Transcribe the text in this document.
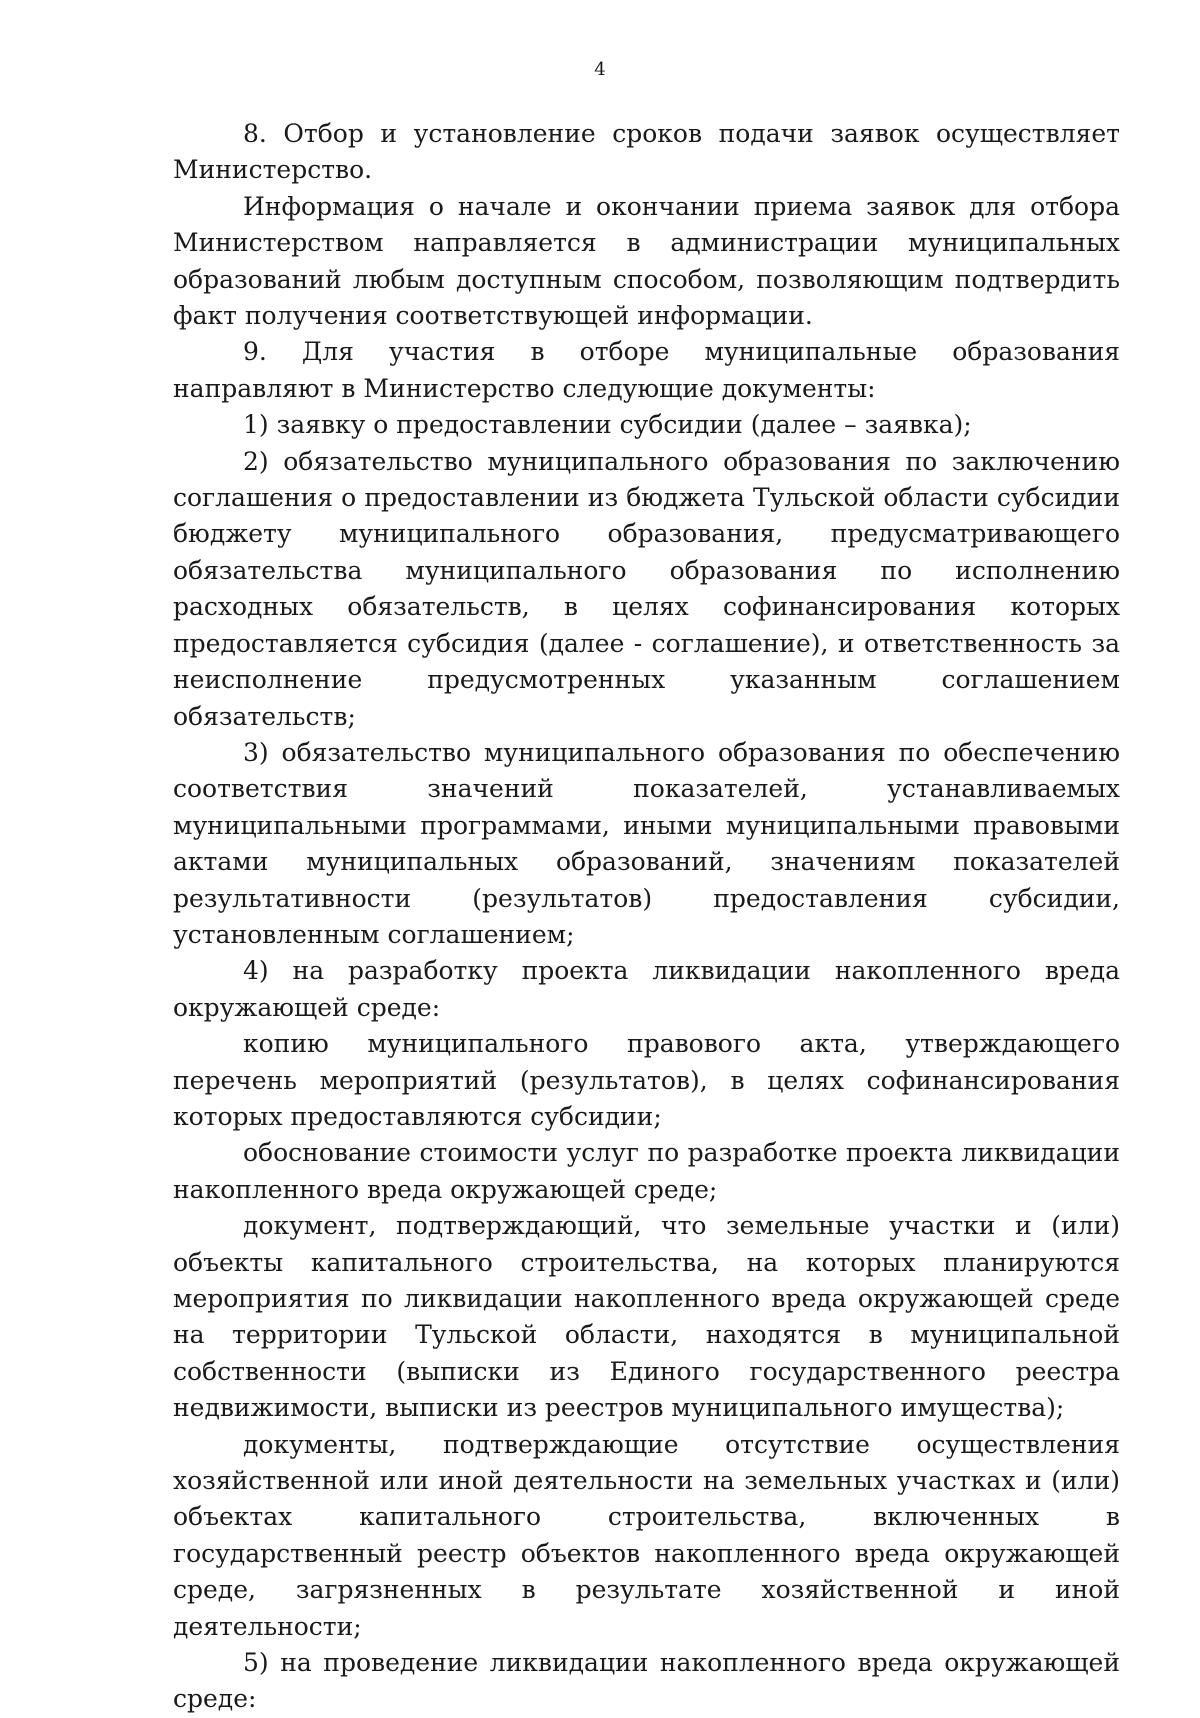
4

8. Отбор и установление сроков подачи заявок осуществляет Министерство.

Информация о начале и окончании приема заявок для отбора Министерством направляется в администрации муниципальных образований любым доступным способом, позволяющим подтвердить факт получения соответствующей информации.

9. Для участия в отборе муниципальные образования направляют в Министерство следующие документы:

1) заявку о предоставлении субсидии (далее – заявка);

2) обязательство муниципального образования по заключению соглашения о предоставлении из бюджета Тульской области субсидии бюджету муниципального образования, предусматривающего обязательства муниципального образования по исполнению расходных обязательств, в целях софинансирования которых предоставляется субсидия (далее - соглашение), и ответственность за неисполнение предусмотренных указанным соглашением обязательств;

3) обязательство муниципального образования по обеспечению соответствия значений показателей, устанавливаемых муниципальными программами, иными муниципальными правовыми актами муниципальных образований, значениям показателей результативности (результатов) предоставления субсидии, установленным соглашением;

4) на разработку проекта ликвидации накопленного вреда окружающей среде:

копию муниципального правового акта, утверждающего перечень мероприятий (результатов), в целях софинансирования которых предоставляются субсидии;

обоснование стоимости услуг по разработке проекта ликвидации накопленного вреда окружающей среде;

документ, подтверждающий, что земельные участки и (или) объекты капитального строительства, на которых планируются мероприятия по ликвидации накопленного вреда окружающей среде на территории Тульской области, находятся в муниципальной собственности (выписки из Единого государственного реестра недвижимости, выписки из реестров муниципального имущества);

документы, подтверждающие отсутствие осуществления хозяйственной или иной деятельности на земельных участках и (или) объектах капитального строительства, включенных в государственный реестр объектов накопленного вреда окружающей среде, загрязненных в результате хозяйственной и иной деятельности;

5) на проведение ликвидации накопленного вреда окружающей среде:
